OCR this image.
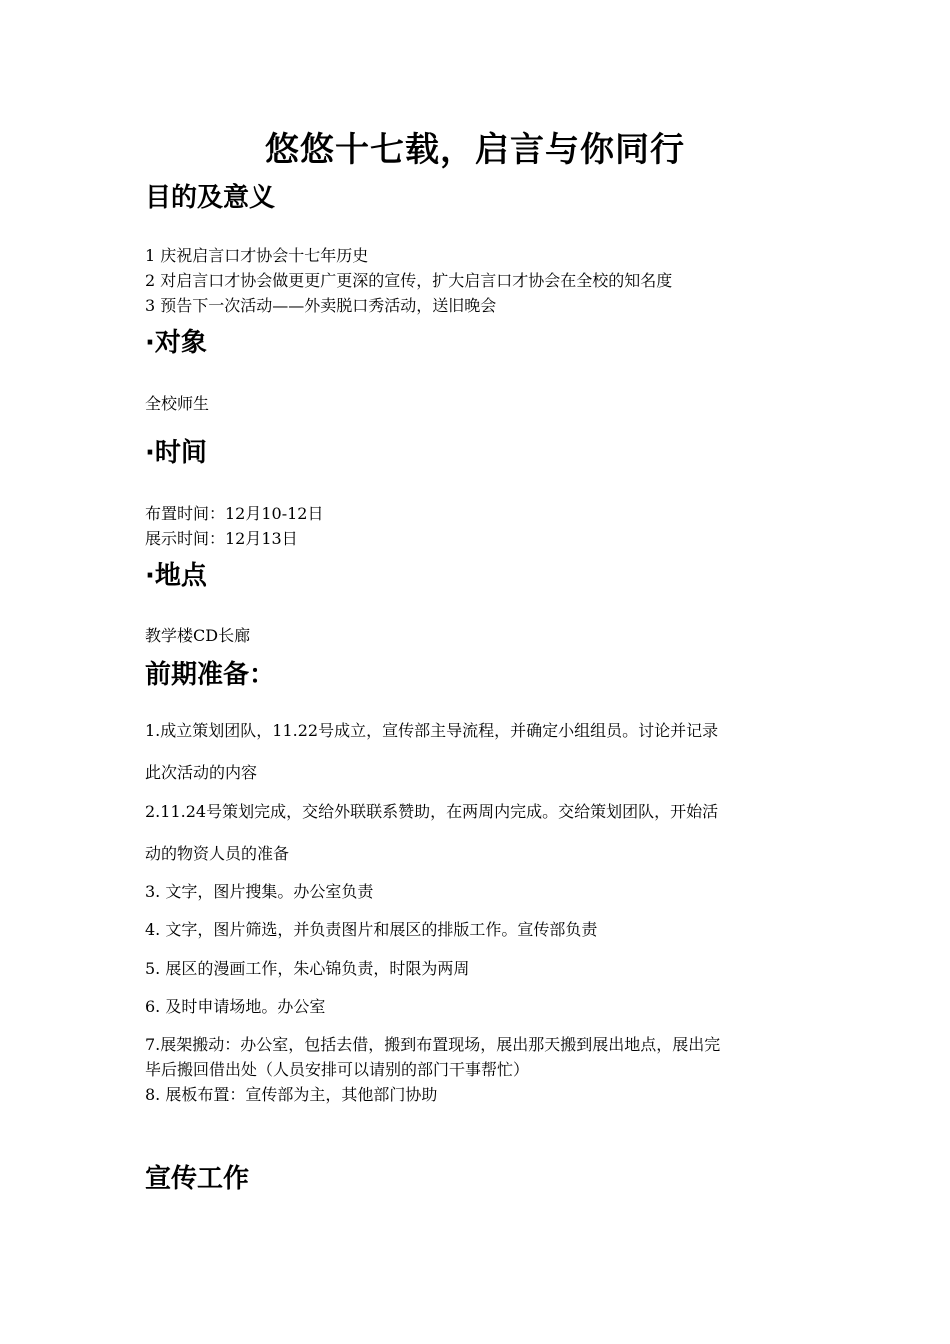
悠悠十七载，启言与你同行
目的及意义

1 庆祝启言口才协会十七年历史

2 对启言口才协会做更更广更深的宣传，扩大启言口才协会在全校的知名度

3 预告下一次活动——外卖脱口秀活动，送旧晚会

·对象

全校师生

·时间

布置时间：12月10-12日

展示时间：12月13日

·地点

教学楼CD长廊

前期准备：

1.成立策划团队，11.22号成立，宣传部主导流程，并确定小组组员。讨论并记录

此次活动的内容

2.11.24号策划完成，交给外联联系赞助，在两周内完成。交给策划团队，开始活

动的物资人员的准备

3. 文字，图片搜集。办公室负责

4. 文字，图片筛选，并负责图片和展区的排版工作。宣传部负责

5. 展区的漫画工作，朱心锦负责，时限为两周

6. 及时申请场地。办公室

7.展架搬动：办公室，包括去借，搬到布置现场，展出那天搬到展出地点，展出完

毕后搬回借出处（人员安排可以请别的部门干事帮忙）

8. 展板布置：宣传部为主，其他部门协助

宣传工作
